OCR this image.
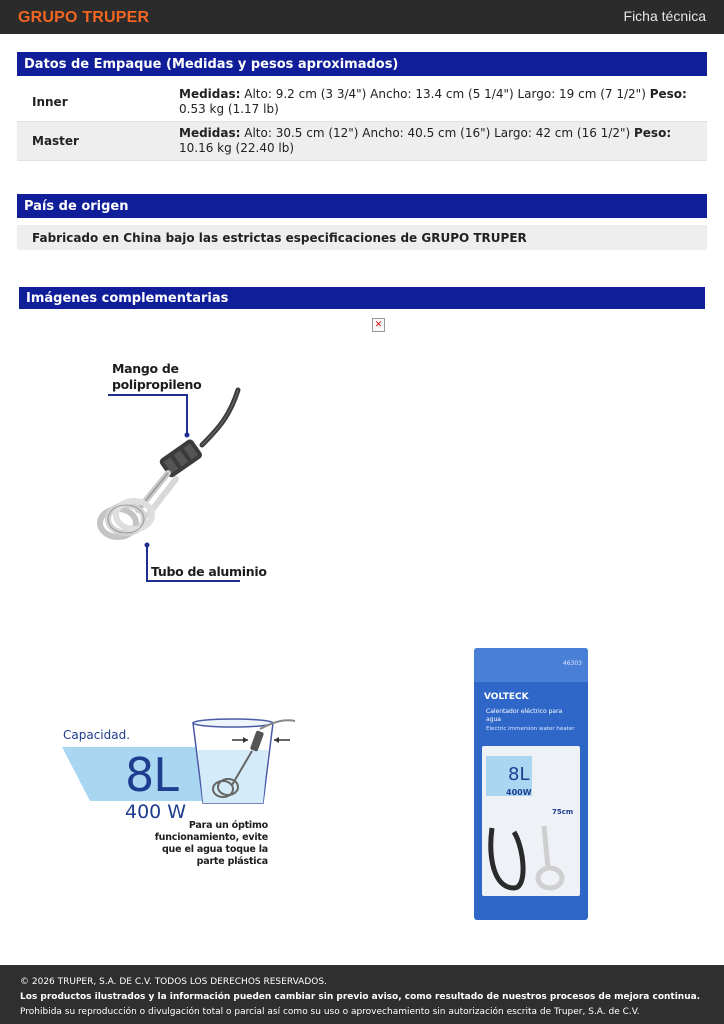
GRUPO TRUPER	Ficha técnica
Datos de Empaque (Medidas y pesos aproximados)
Inner	Medidas: Alto: 9.2 cm (3 3/4") Ancho: 13.4 cm (5 1/4") Largo: 19 cm (7 1/2") Peso: 0.53 kg (1.17 lb)
Master	Medidas: Alto: 30.5 cm (12") Ancho: 40.5 cm (16") Largo: 42 cm (16 1/2") Peso: 10.16 kg (22.40 lb)
País de origen
Fabricado en China bajo las estrictas especificaciones de GRUPO TRUPER
Imágenes complementarias
✕
Mango de polipropileno
Tubo de aluminio
Capacidad.
8L
400 W
Para un óptimo funcionamiento, evite que el agua toque la parte plástica
46303
VOLTECK
Calentador eléctrico para agua
Electric immersion water heater
8L
400W
75cm
© 2026 TRUPER, S.A. DE C.V. TODOS LOS DERECHOS RESERVADOS.
Los productos ilustrados y la información pueden cambiar sin previo aviso, como resultado de nuestros procesos de mejora continua.
Prohibida su reproducción o divulgación total o parcial así como su uso o aprovechamiento sin autorización escrita de Truper, S.A. de C.V.
